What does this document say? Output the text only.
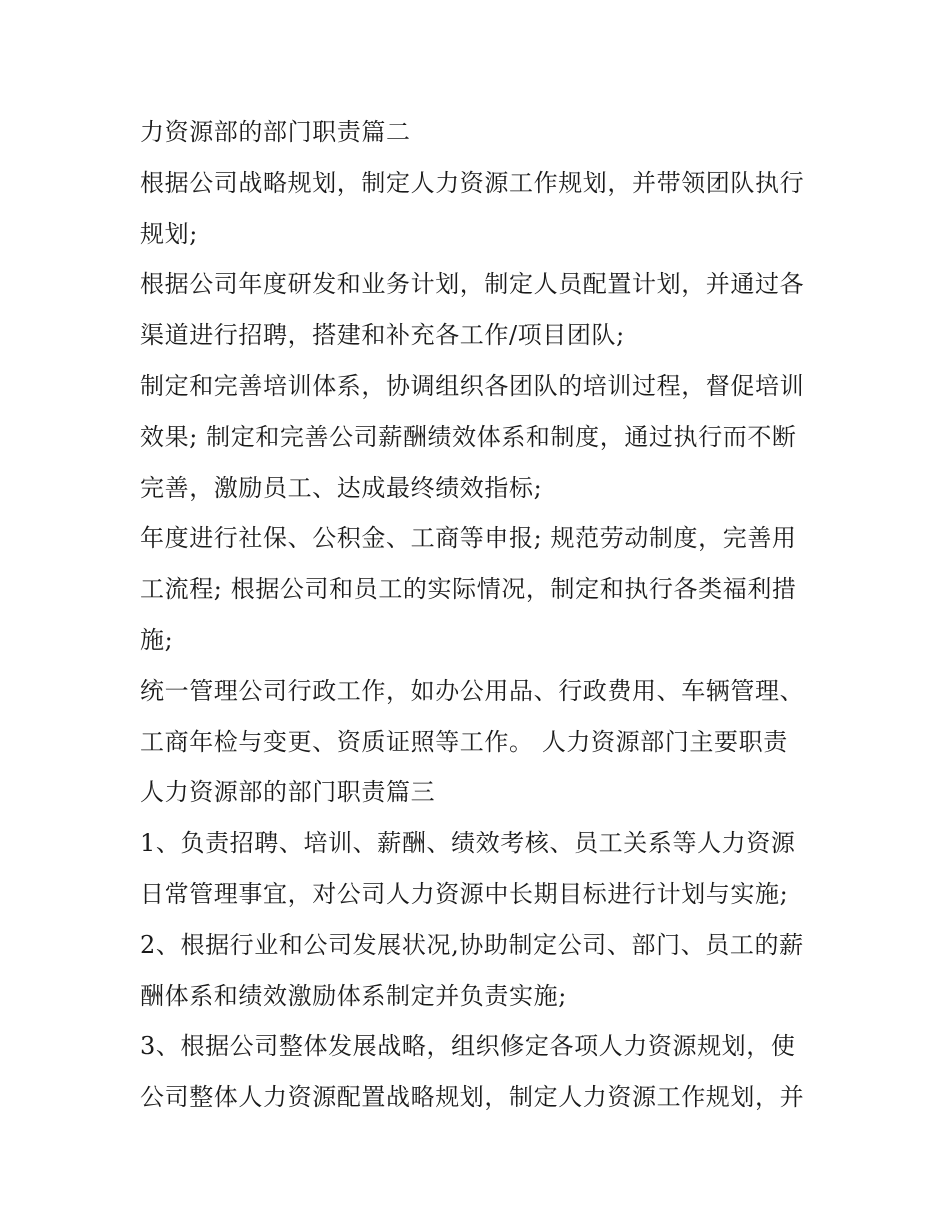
力资源部的部门职责篇二
根据公司战略规划，制定人力资源工作规划，并带领团队执行
规划;
根据公司年度研发和业务计划，制定人员配置计划，并通过各
渠道进行招聘，搭建和补充各工作/项目团队;
制定和完善培训体系，协调组织各团队的培训过程，督促培训
效果; 制定和完善公司薪酬绩效体系和制度，通过执行而不断
完善，激励员工、达成最终绩效指标;
年度进行社保、公积金、工商等申报; 规范劳动制度，完善用
工流程; 根据公司和员工的实际情况，制定和执行各类福利措
施;
统一管理公司行政工作，如办公用品、行政费用、车辆管理、
工商年检与变更、资质证照等工作。 人力资源部门主要职责
人力资源部的部门职责篇三
1、负责招聘、培训、薪酬、绩效考核、员工关系等人力资源
日常管理事宜，对公司人力资源中长期目标进行计划与实施;
2、根据行业和公司发展状况,协助制定公司、部门、员工的薪
酬体系和绩效激励体系制定并负责实施;
3、根据公司整体发展战略，组织修定各项人力资源规划，使
公司整体人力资源配置战略规划，制定人力资源工作规划，并
